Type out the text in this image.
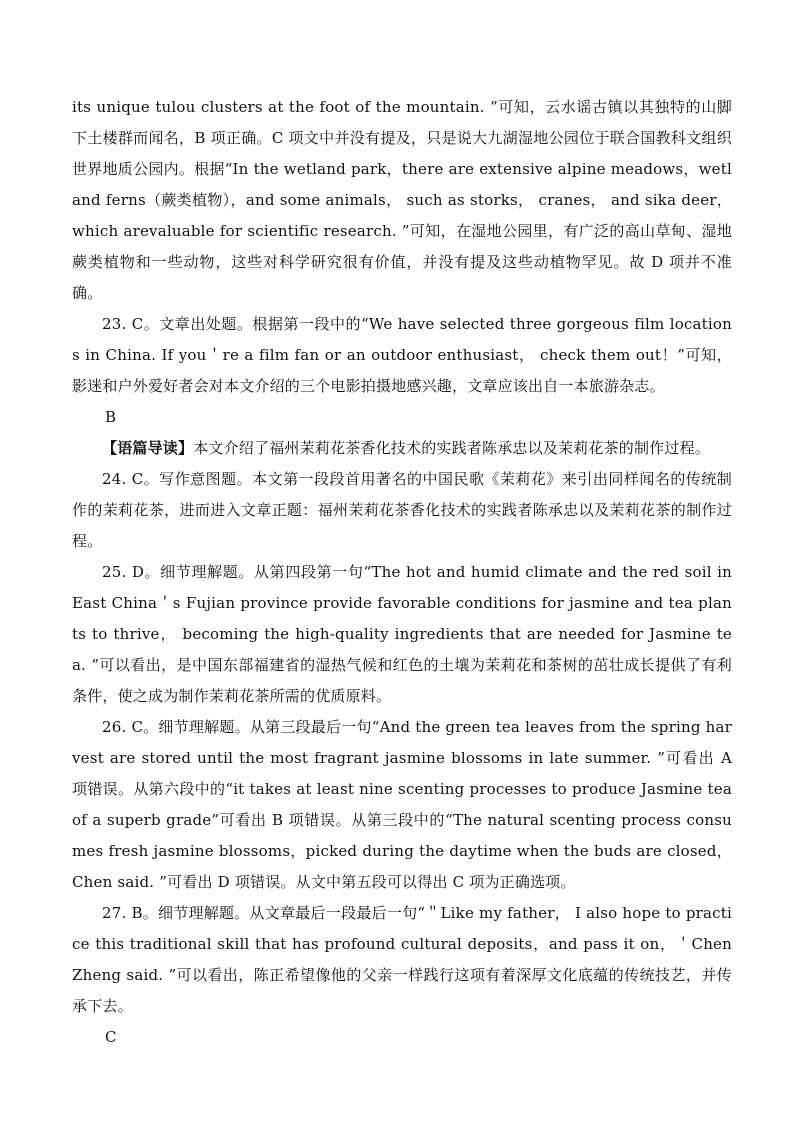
its unique tulou clusters at the foot of the mountain. ”可知，云水谣古镇以其独特的山脚下土楼群而闻名，B 项正确。C 项文中并没有提及，只是说大九湖湿地公园位于联合国教科文组织世界地质公园内。根据“In the wetland park，there are extensive alpine meadows，wetland ferns（蕨类植物），and some animals， such as storks， cranes， and sika deer， which arevaluable for scientific research. ”可知，在湿地公园里，有广泛的高山草甸、湿地蕨类植物和一些动物，这些对科学研究很有价值，并没有提及这些动植物罕见。故 D 项并不准确。

23. C。文章出处题。根据第一段中的“We have selected three gorgeous film locations in China. If you＇re a film fan or an outdoor enthusiast， check them out！”可知，影迷和户外爱好者会对本文介绍的三个电影拍摄地感兴趣，文章应该出自一本旅游杂志。

B

【语篇导读】本文介绍了福州茉莉花茶香化技术的实践者陈承忠以及茉莉花茶的制作过程。

24. C。写作意图题。本文第一段段首用著名的中国民歌《茉莉花》来引出同样闻名的传统制作的茉莉花茶，进而进入文章正题：福州茉莉花茶香化技术的实践者陈承忠以及茉莉花茶的制作过程。

25. D。细节理解题。从第四段第一句“The hot and humid climate and the red soil in East China＇s Fujian province provide favorable conditions for jasmine and tea plants to thrive， becoming the high-quality ingredients that are needed for Jasmine tea. ”可以看出，是中国东部福建省的湿热气候和红色的土壤为茉莉花和茶树的茁壮成长提供了有利条件，使之成为制作茉莉花茶所需的优质原料。

26. C。细节理解题。从第三段最后一句“And the green tea leaves from the spring harvest are stored until the most fragrant jasmine blossoms in late summer. ”可看出 A 项错误。从第六段中的“it takes at least nine scenting processes to produce Jasmine tea of a superb grade”可看出 B 项错误。从第三段中的“The natural scenting process consumes fresh jasmine blossoms，picked during the daytime when the buds are closed，Chen said. ”可看出 D 项错误。从文中第五段可以得出 C 项为正确选项。

27. B。细节理解题。从文章最后一段最后一句“＂Like my father， I also hope to practice this traditional skill that has profound cultural deposits，and pass it on，＇Chen Zheng said. ”可以看出，陈正希望像他的父亲一样践行这项有着深厚文化底蕴的传统技艺，并传承下去。

C
